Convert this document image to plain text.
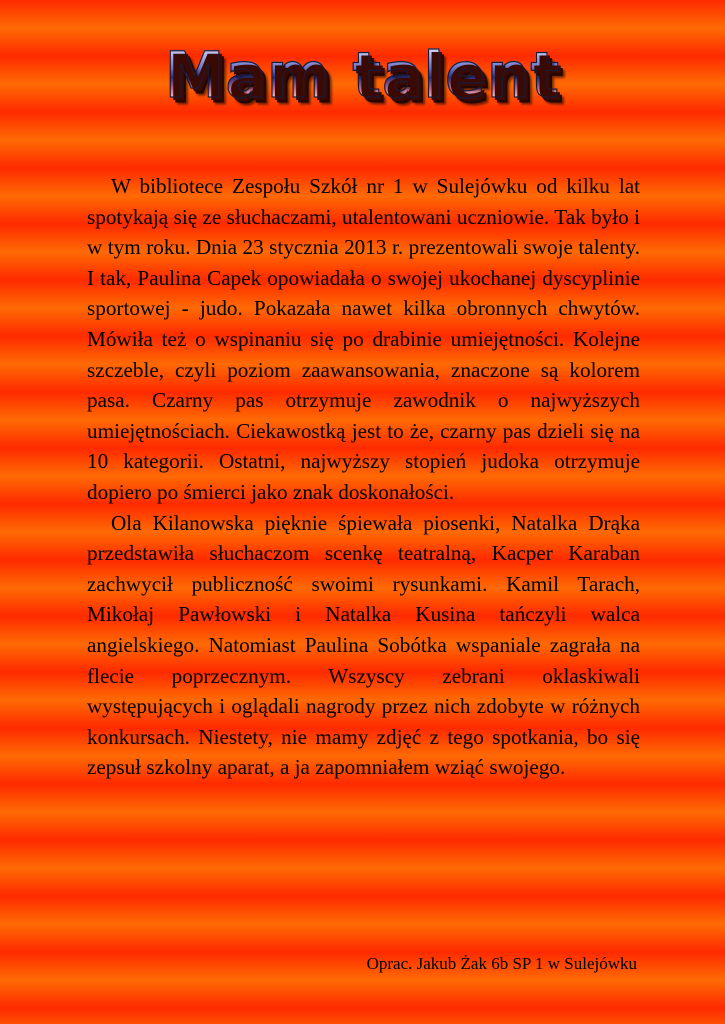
Mam talent

W bibliotece Zespołu Szkół nr 1 w Sulejówku od kilku lat spotykają się ze słuchaczami, utalentowani uczniowie. Tak było i w tym roku. Dnia 23 stycznia 2013 r. prezentowali swoje talenty. I tak, Paulina Capek opowiadała o swojej ukochanej dyscyplinie sportowej - judo. Pokazała nawet kilka obronnych chwytów. Mówiła też o wspinaniu się po drabinie umiejętności. Kolejne szczeble, czyli poziom zaawansowania, znaczone są kolorem pasa. Czarny pas otrzymuje zawodnik o najwyższych umiejętnościach. Ciekawostką jest to że, czarny pas dzieli się na 10 kategorii. Ostatni, najwyższy stopień judoka otrzymuje dopiero po śmierci jako znak doskonałości.

Ola Kilanowska pięknie śpiewała piosenki, Natalka Drąka przedstawiła słuchaczom scenkę teatralną, Kacper Karaban zachwycił publiczność swoimi rysunkami. Kamil Tarach, Mikołaj Pawłowski i Natalka Kusina tańczyli walca angielskiego. Natomiast Paulina Sobótka wspaniale zagrała na flecie poprzecznym. Wszyscy zebrani oklaskiwali występujących i oglądali nagrody przez nich zdobyte w różnych konkursach. Niestety, nie mamy zdjęć z tego spotkania, bo się zepsuł szkolny aparat, a ja zapomniałem wziąć swojego.

Oprac. Jakub Żak 6b SP 1 w Sulejówku
